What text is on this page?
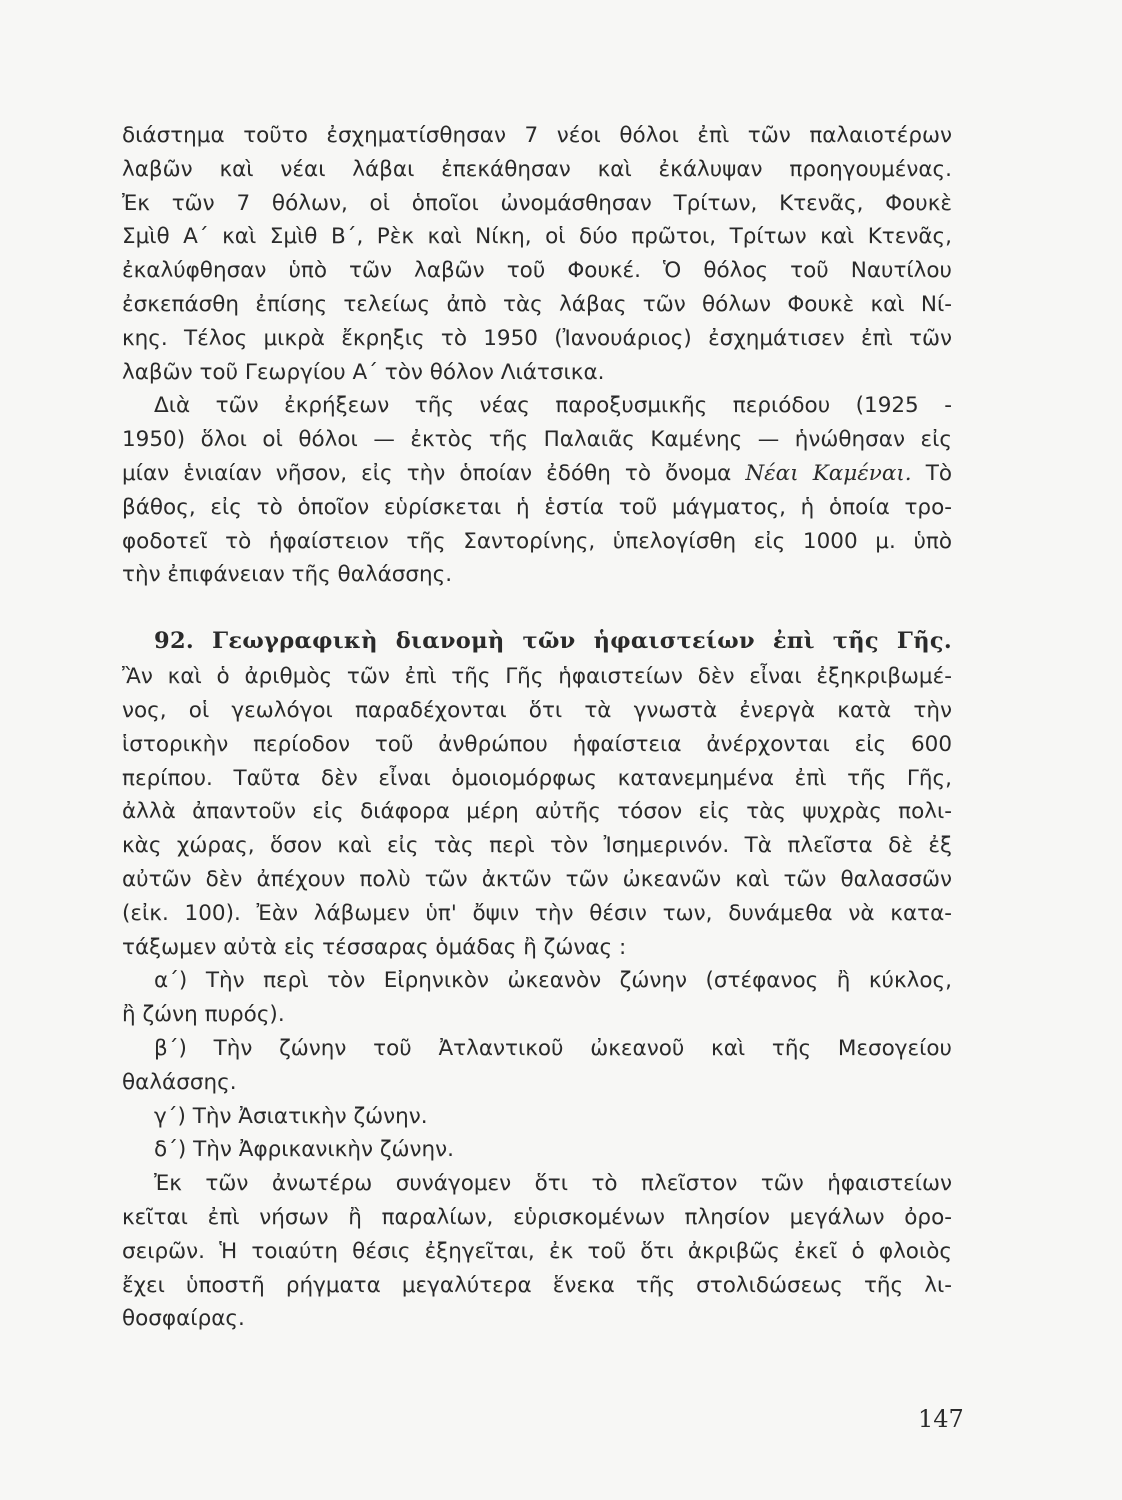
διάστημα τοῦτο ἐσχηματίσθησαν 7 νέοι θόλοι ἐπὶ τῶν παλαιοτέρων
λαβῶν καὶ νέαι λάβαι ἐπεκάθησαν καὶ ἐκάλυψαν προηγουμένας.
Ἐκ τῶν 7 θόλων, οἱ ὁποῖοι ὠνομάσθησαν Τρίτων, Κτενᾶς, Φουκὲ
Σμὶθ Α΄ καὶ Σμὶθ Β΄, Ρὲκ καὶ Νίκη, οἱ δύο πρῶτοι, Τρίτων καὶ Κτενᾶς,
ἐκαλύφθησαν ὑπὸ τῶν λαβῶν τοῦ Φουκέ. Ὁ θόλος τοῦ Ναυτίλου
ἐσκεπάσθη ἐπίσης τελείως ἀπὸ τὰς λάβας τῶν θόλων Φουκὲ καὶ Νί-
κης. Τέλος μικρὰ ἔκρηξις τὸ 1950 (Ἰανουάριος) ἐσχημάτισεν ἐπὶ τῶν
λαβῶν τοῦ Γεωργίου Α΄ τὸν θόλον Λιάτσικα.
Διὰ τῶν ἐκρήξεων τῆς νέας παροξυσμικῆς περιόδου (1925 -
1950) ὅλοι οἱ θόλοι — ἐκτὸς τῆς Παλαιᾶς Καμένης — ἡνώθησαν εἰς
μίαν ἑνιαίαν νῆσον, εἰς τὴν ὁποίαν ἐδόθη τὸ ὄνομα Νέαι Καμέναι. Τὸ
βάθος, εἰς τὸ ὁποῖον εὑρίσκεται ἡ ἑστία τοῦ μάγματος, ἡ ὁποία τρο-
φοδοτεῖ τὸ ἡφαίστειον τῆς Σαντορίνης, ὑπελογίσθη εἰς 1000 μ. ὑπὸ
τὴν ἐπιφάνειαν τῆς θαλάσσης.
92. Γεωγραφικὴ διανομὴ τῶν ἡφαιστείων ἐπὶ τῆς Γῆς.
Ἂν καὶ ὁ ἀριθμὸς τῶν ἐπὶ τῆς Γῆς ἡφαιστείων δὲν εἶναι ἐξηκριβωμέ-
νος, οἱ γεωλόγοι παραδέχονται ὅτι τὰ γνωστὰ ἐνεργὰ κατὰ τὴν
ἱστορικὴν περίοδον τοῦ ἀνθρώπου ἡφαίστεια ἀνέρχονται εἰς 600
περίπου. Ταῦτα δὲν εἶναι ὁμοιομόρφως κατανεμημένα ἐπὶ τῆς Γῆς,
ἀλλὰ ἀπαντοῦν εἰς διάφορα μέρη αὐτῆς τόσον εἰς τὰς ψυχρὰς πολι-
κὰς χώρας, ὅσον καὶ εἰς τὰς περὶ τὸν Ἰσημερινόν. Τὰ πλεῖστα δὲ ἐξ
αὐτῶν δὲν ἀπέχουν πολὺ τῶν ἀκτῶν τῶν ὠκεανῶν καὶ τῶν θαλασσῶν
(εἰκ. 100). Ἐὰν λάβωμεν ὑπ' ὄψιν τὴν θέσιν των, δυνάμεθα νὰ κατα-
τάξωμεν αὐτὰ εἰς τέσσαρας ὁμάδας ἢ ζώνας :
α΄) Τὴν περὶ τὸν Εἰρηνικὸν ὠκεανὸν ζώνην (στέφανος ἢ κύκλος,
ἢ ζώνη πυρός).
β΄) Τὴν ζώνην τοῦ Ἀτλαντικοῦ ὠκεανοῦ καὶ τῆς Μεσογείου
θαλάσσης.
γ΄) Τὴν Ἀσιατικὴν ζώνην.
δ΄) Τὴν Ἀφρικανικὴν ζώνην.
Ἐκ τῶν ἀνωτέρω συνάγομεν ὅτι τὸ πλεῖστον τῶν ἡφαιστείων
κεῖται ἐπὶ νήσων ἢ παραλίων, εὑρισκομένων πλησίον μεγάλων ὀρο-
σειρῶν. Ἡ τοιαύτη θέσις ἐξηγεῖται, ἐκ τοῦ ὅτι ἀκριβῶς ἐκεῖ ὁ φλοιὸς
ἔχει ὑποστῆ ρήγματα μεγαλύτερα ἕνεκα τῆς στολιδώσεως τῆς λι-
θοσφαίρας.
147
